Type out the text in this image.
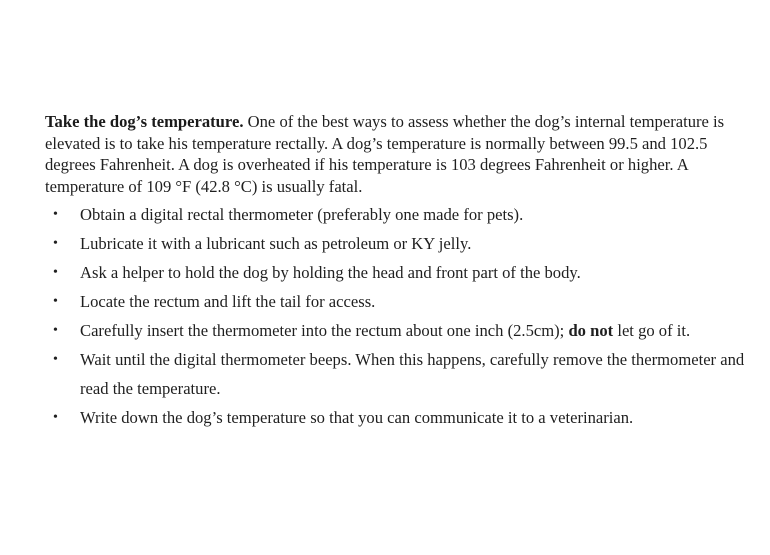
Take the dog’s temperature. One of the best ways to assess whether the dog’s internal temperature is elevated is to take his temperature rectally. A dog’s temperature is normally between 99.5 and 102.5 degrees Fahrenheit. A dog is overheated if his temperature is 103 degrees Fahrenheit or higher. A temperature of 109 °F (42.8 °C) is usually fatal.

• Obtain a digital rectal thermometer (preferably one made for pets).
• Lubricate it with a lubricant such as petroleum or KY jelly.
• Ask a helper to hold the dog by holding the head and front part of the body.
• Locate the rectum and lift the tail for access.
• Carefully insert the thermometer into the rectum about one inch (2.5cm); do not let go of it.
• Wait until the digital thermometer beeps. When this happens, carefully remove the thermometer and read the temperature.
• Write down the dog’s temperature so that you can communicate it to a veterinarian.
